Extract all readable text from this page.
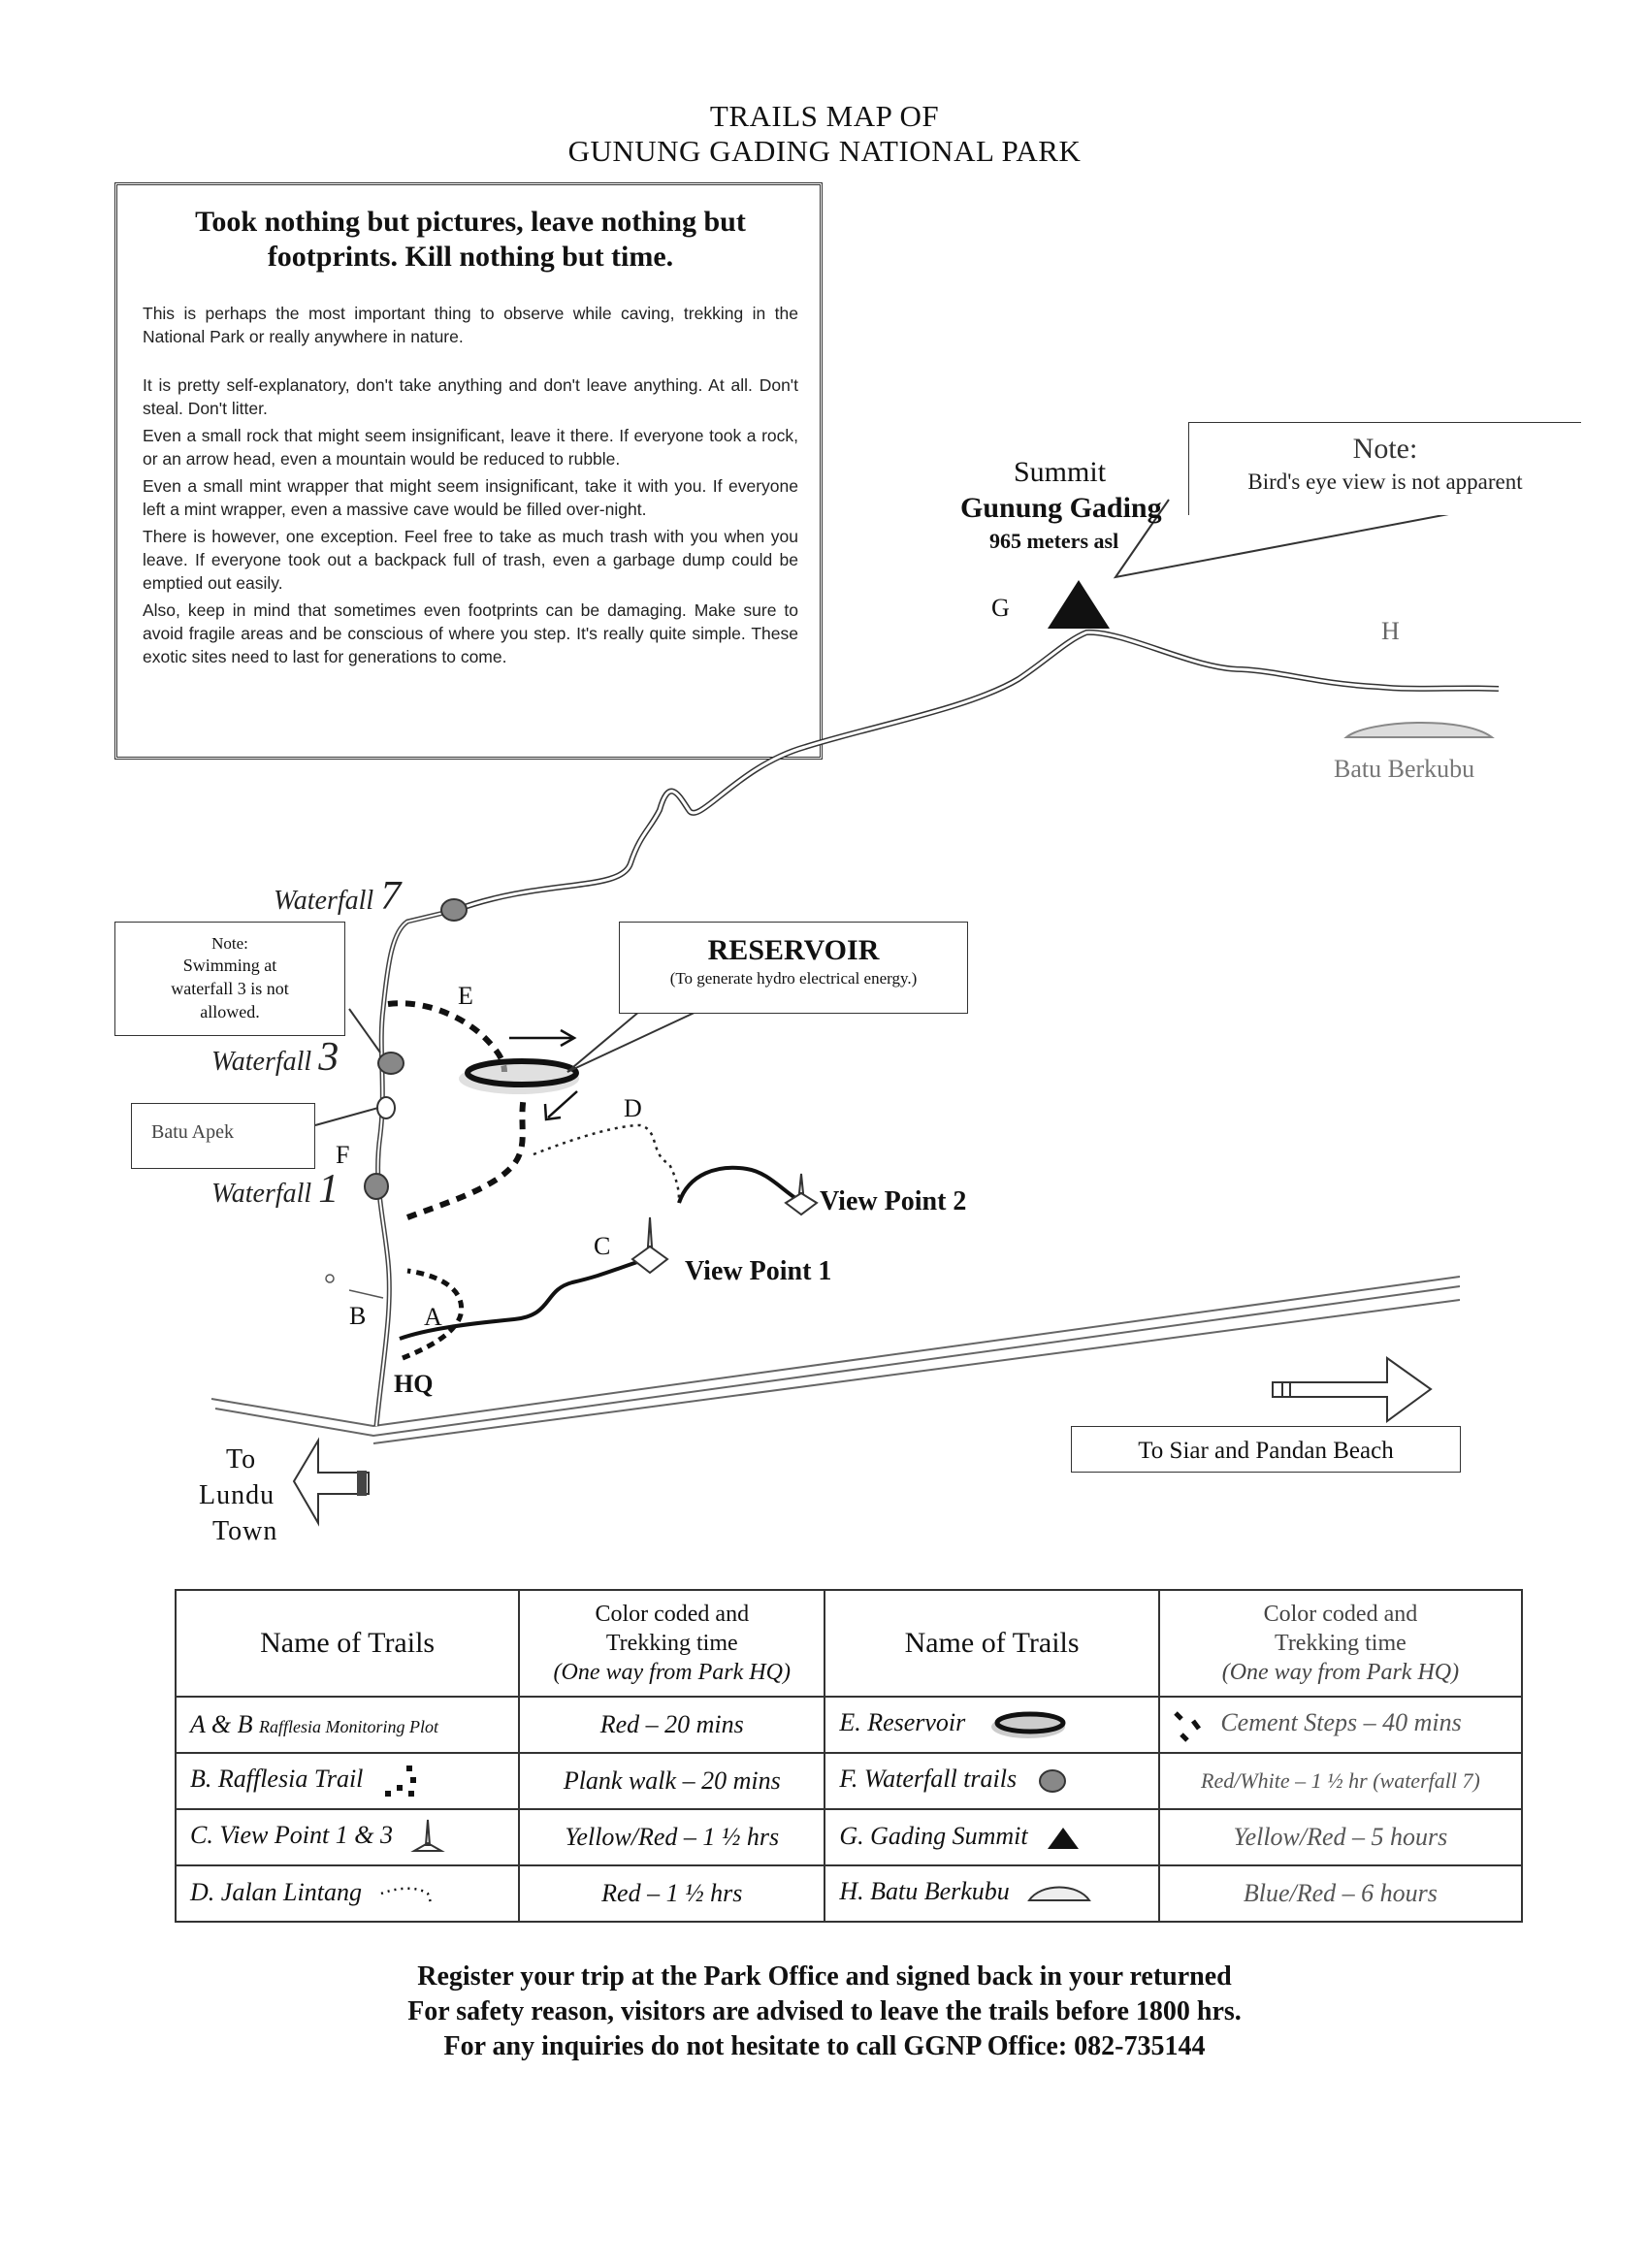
TRAILS MAP OF
GUNUNG GADING NATIONAL PARK
Took nothing but pictures, leave nothing but footprints. Kill nothing but time.

This is perhaps the most important thing to observe while caving, trekking in the National Park or really anywhere in nature.

It is pretty self-explanatory, don't take anything and don't leave anything. At all. Don't steal. Don't litter.

Even a small rock that might seem insignificant, leave it there. If everyone took a rock, or an arrow head, even a mountain would be reduced to rubble.

Even a small mint wrapper that might seem insignificant, take it with you. If everyone left a mint wrapper, even a massive cave would be filled over-night.

There is however, one exception. Feel free to take as much trash with you when you leave. If everyone took out a backpack full of trash, even a garbage dump could be emptied out easily.

Also, keep in mind that sometimes even footprints can be damaging. Make sure to avoid fragile areas and be conscious of where you step. It's really quite simple. These exotic sites need to last for generations to come.

Summit
Gunung Gading
965 meters asl
Note:
Bird's eye view is not apparent
Note:
Swimming at waterfall 3 is not allowed.
Batu Apek
RESERVOIR
(To generate hydro electrical energy.)
Waterfall 7
Waterfall 3
Waterfall 1
E
D
F
C
B A
HQ
G
H
Batu Berkubu
View Point 2
View Point 1
To Siar and Pandan Beach
To
Lundu
Town
Name of Trails	Color coded and
Trekking time
(One way from Park HQ)	Name of Trails	Color coded and
Trekking time
(One way from Park HQ)
A & B Rafflesia Monitoring Plot	Red – 20 mins	E. Reservoir	Cement Steps – 40 mins
B. Rafflesia Trail	Plank walk – 20 mins	F. Waterfall trails	Red/White – 1 ½ hr (waterfall 7)
C. View Point 1 & 3	Yellow/Red – 1 ½ hrs	G. Gading Summit	Yellow/Red – 5 hours
D. Jalan Lintang	Red – 1 ½ hrs	H. Batu Berkubu	Blue/Red – 6 hours
Register your trip at the Park Office and signed back in your returned
For safety reason, visitors are advised to leave the trails before 1800 hrs.
For any inquiries do not hesitate to call GGNP Office: 082-735144
